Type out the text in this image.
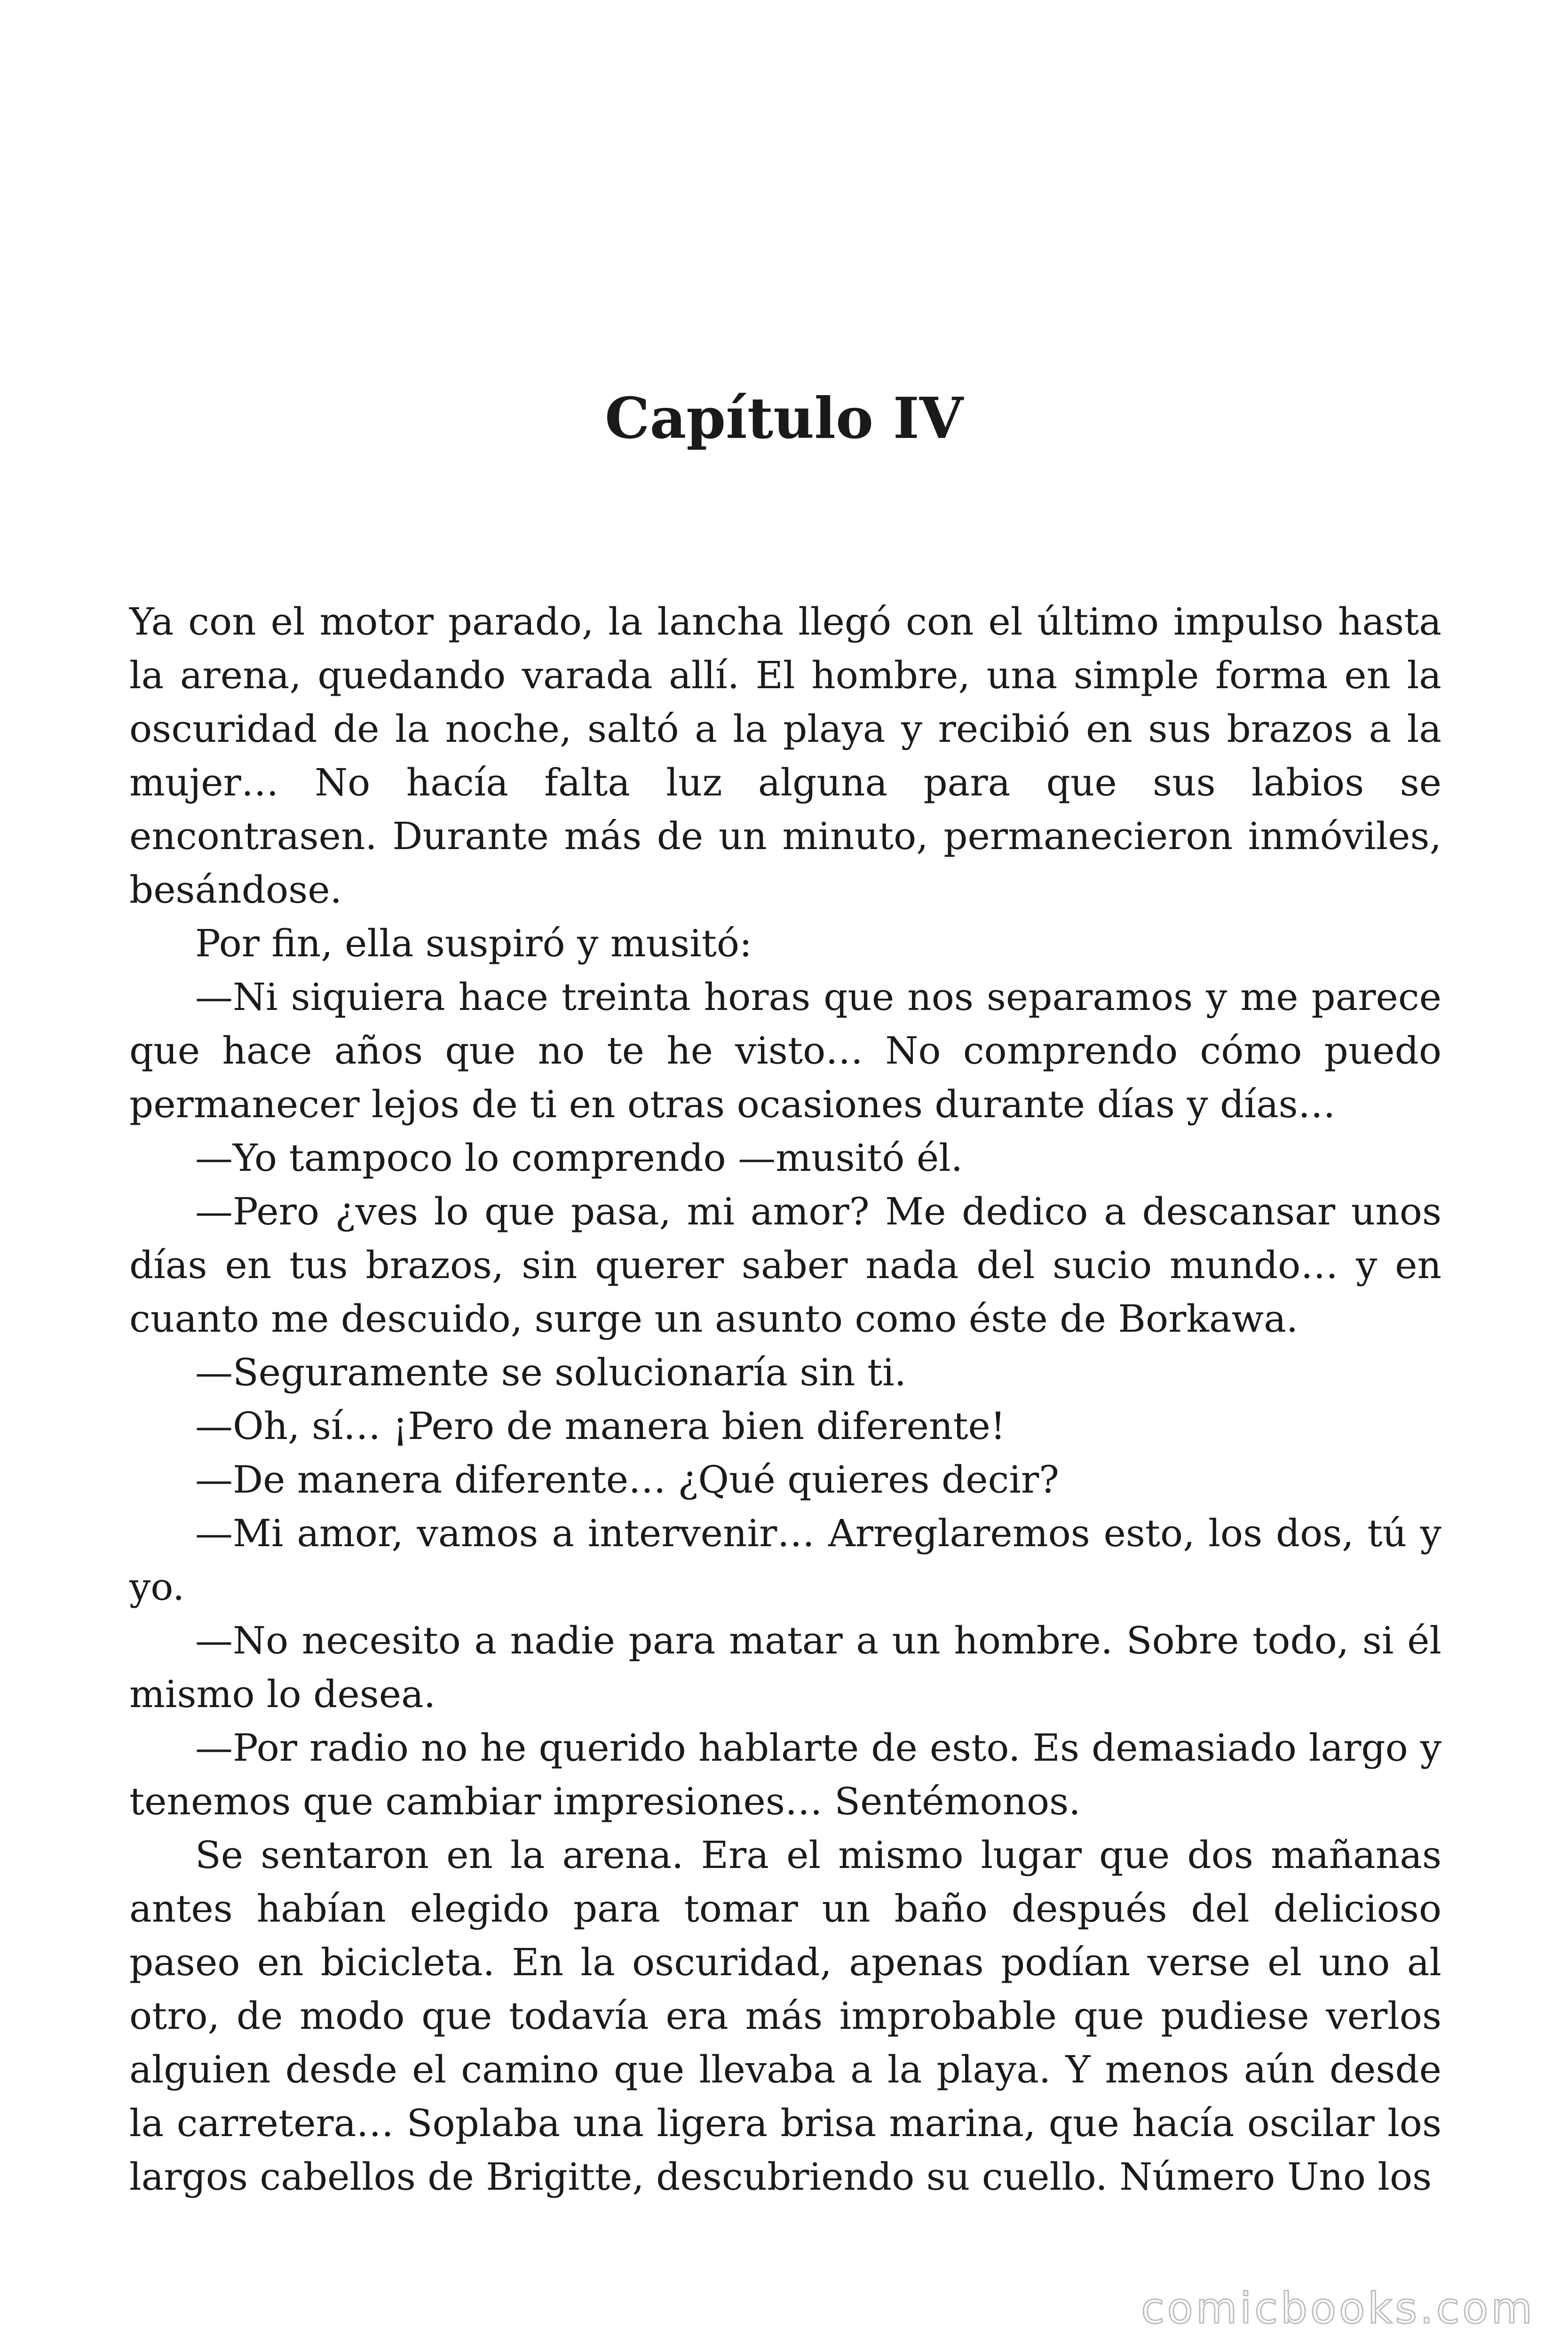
Capítulo IV

Ya con el motor parado, la lancha llegó con el último impulso hasta la arena, quedando varada allí. El hombre, una simple forma en la oscuridad de la noche, saltó a la playa y recibió en sus brazos a la mujer… No hacía falta luz alguna para que sus labios se encontrasen. Durante más de un minuto, permanecieron inmóviles, besándose.

Por fin, ella suspiró y musitó:

—Ni siquiera hace treinta horas que nos separamos y me parece que hace años que no te he visto… No comprendo cómo puedo permanecer lejos de ti en otras ocasiones durante días y días…

—Yo tampoco lo comprendo —musitó él.

—Pero ¿ves lo que pasa, mi amor? Me dedico a descansar unos días en tus brazos, sin querer saber nada del sucio mundo… y en cuanto me descuido, surge un asunto como éste de Borkawa.

—Seguramente se solucionaría sin ti.

—Oh, sí… ¡Pero de manera bien diferente!

—De manera diferente… ¿Qué quieres decir?

—Mi amor, vamos a intervenir… Arreglaremos esto, los dos, tú y yo.

—No necesito a nadie para matar a un hombre. Sobre todo, si él mismo lo desea.

—Por radio no he querido hablarte de esto. Es demasiado largo y tenemos que cambiar impresiones… Sentémonos.

Se sentaron en la arena. Era el mismo lugar que dos mañanas antes habían elegido para tomar un baño después del delicioso paseo en bicicleta. En la oscuridad, apenas podían verse el uno al otro, de modo que todavía era más improbable que pudiese verlos alguien desde el camino que llevaba a la playa. Y menos aún desde la carretera… Soplaba una ligera brisa marina, que hacía oscilar los largos cabellos de Brigitte, descubriendo su cuello. Número Uno los

comicbooks.com
